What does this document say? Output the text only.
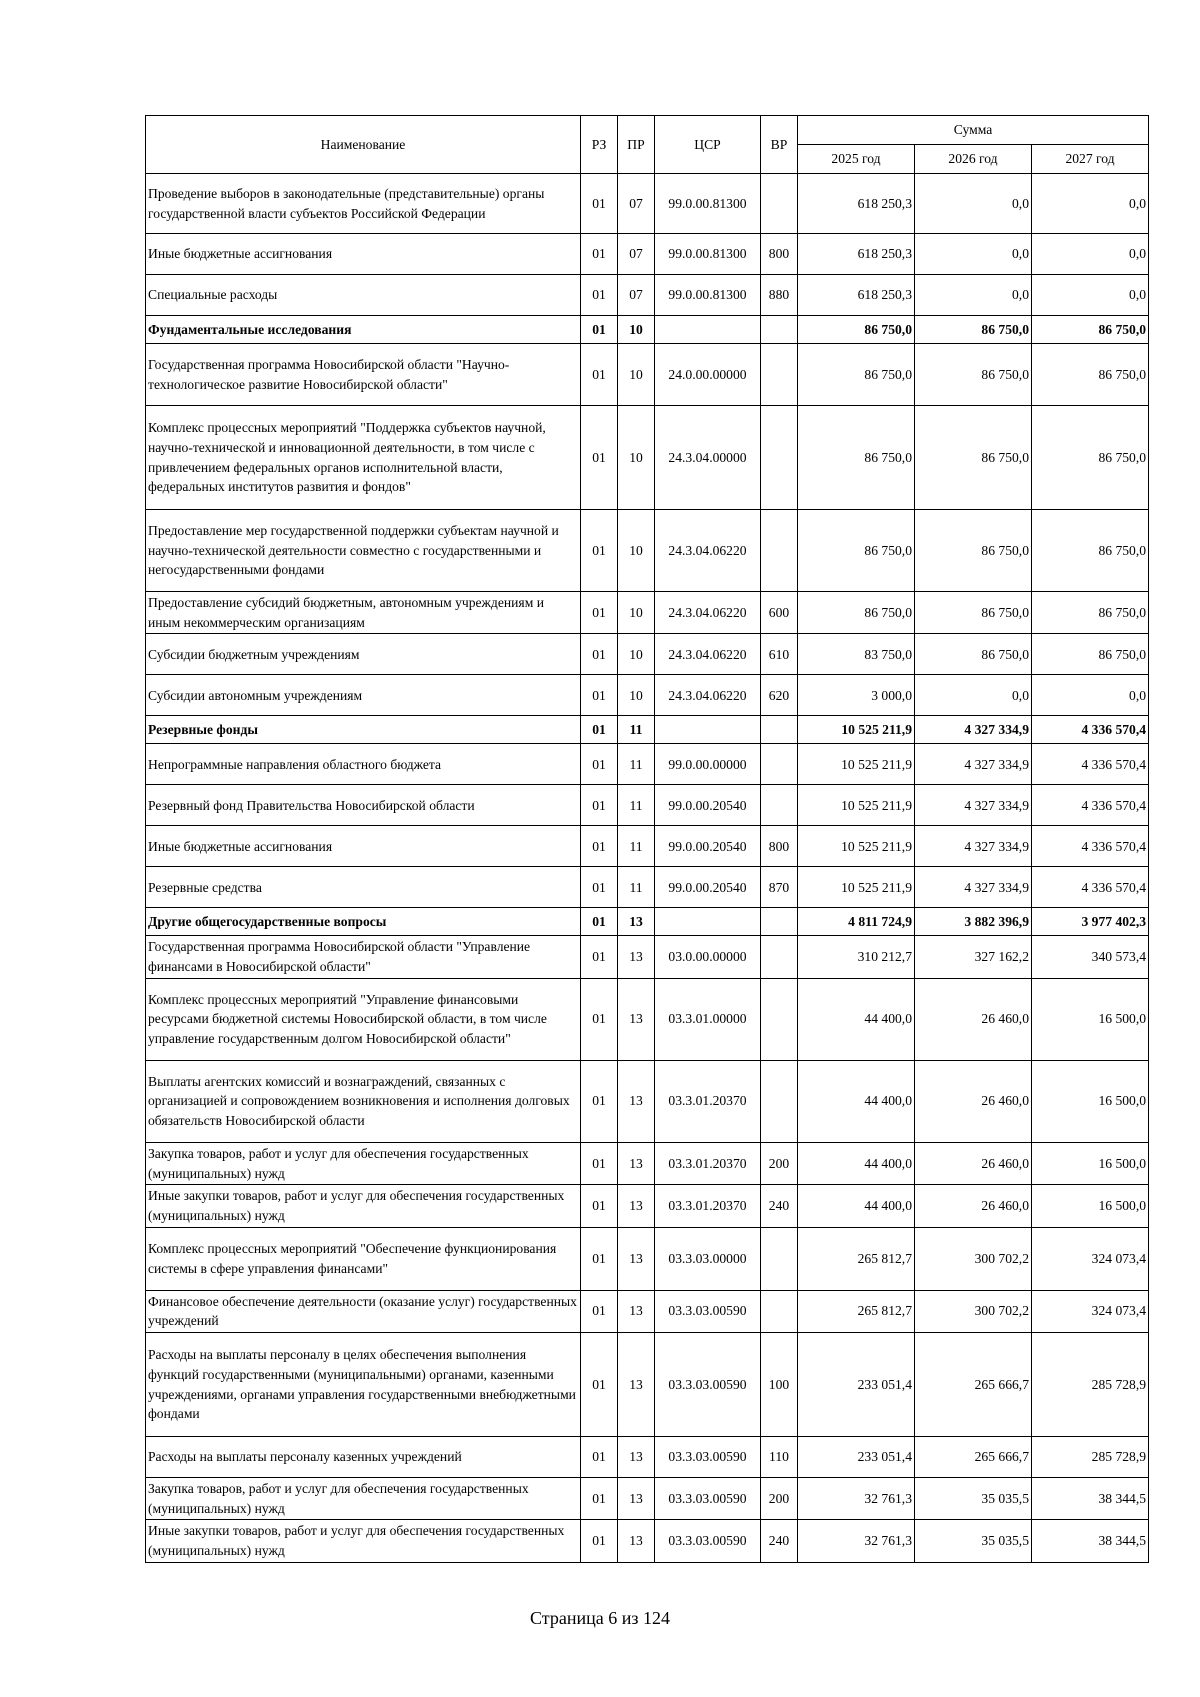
Наименование	РЗ	ПР	ЦСР	ВР	Сумма		
					2025 год	2026 год	2027 год
Проведение выборов в законодательные (представительные) органы государственной власти субъектов Российской Федерации	01	07	99.0.00.81300		618 250,3	0,0	0,0
Иные бюджетные ассигнования	01	07	99.0.00.81300	800	618 250,3	0,0	0,0
Специальные расходы	01	07	99.0.00.81300	880	618 250,3	0,0	0,0
Фундаментальные исследования	01	10			86 750,0	86 750,0	86 750,0
Государственная программа Новосибирской области "Научно-технологическое развитие Новосибирской области"	01	10	24.0.00.00000		86 750,0	86 750,0	86 750,0
Комплекс процессных мероприятий "Поддержка субъектов научной, научно-технической и инновационной деятельности, в том числе с привлечением федеральных органов исполнительной власти, федеральных институтов развития и фондов"	01	10	24.3.04.00000		86 750,0	86 750,0	86 750,0
Предоставление мер государственной поддержки субъектам научной и научно-технической деятельности совместно с государственными и негосударственными фондами	01	10	24.3.04.06220		86 750,0	86 750,0	86 750,0
Предоставление субсидий бюджетным, автономным учреждениям и иным некоммерческим организациям	01	10	24.3.04.06220	600	86 750,0	86 750,0	86 750,0
Субсидии бюджетным учреждениям	01	10	24.3.04.06220	610	83 750,0	86 750,0	86 750,0
Субсидии автономным учреждениям	01	10	24.3.04.06220	620	3 000,0	0,0	0,0
Резервные фонды	01	11			10 525 211,9	4 327 334,9	4 336 570,4
Непрограммные направления областного бюджета	01	11	99.0.00.00000		10 525 211,9	4 327 334,9	4 336 570,4
Резервный фонд Правительства Новосибирской области	01	11	99.0.00.20540		10 525 211,9	4 327 334,9	4 336 570,4
Иные бюджетные ассигнования	01	11	99.0.00.20540	800	10 525 211,9	4 327 334,9	4 336 570,4
Резервные средства	01	11	99.0.00.20540	870	10 525 211,9	4 327 334,9	4 336 570,4
Другие общегосударственные вопросы	01	13			4 811 724,9	3 882 396,9	3 977 402,3
Государственная программа Новосибирской области "Управление финансами в Новосибирской области"	01	13	03.0.00.00000		310 212,7	327 162,2	340 573,4
Комплекс процессных мероприятий "Управление финансовыми ресурсами бюджетной системы Новосибирской области, в том числе управление государственным долгом Новосибирской области"	01	13	03.3.01.00000		44 400,0	26 460,0	16 500,0
Выплаты агентских комиссий и вознаграждений, связанных с организацией и сопровождением возникновения и исполнения долговых обязательств Новосибирской области	01	13	03.3.01.20370		44 400,0	26 460,0	16 500,0
Закупка товаров, работ и услуг для обеспечения государственных (муниципальных) нужд	01	13	03.3.01.20370	200	44 400,0	26 460,0	16 500,0
Иные закупки товаров, работ и услуг для обеспечения государственных (муниципальных) нужд	01	13	03.3.01.20370	240	44 400,0	26 460,0	16 500,0
Комплекс процессных мероприятий "Обеспечение функционирования системы в сфере управления финансами"	01	13	03.3.03.00000		265 812,7	300 702,2	324 073,4
Финансовое обеспечение деятельности (оказание услуг) государственных учреждений	01	13	03.3.03.00590		265 812,7	300 702,2	324 073,4
Расходы на выплаты персоналу в целях обеспечения выполнения функций государственными (муниципальными) органами, казенными учреждениями, органами управления государственными внебюджетными фондами	01	13	03.3.03.00590	100	233 051,4	265 666,7	285 728,9
Расходы на выплаты персоналу казенных учреждений	01	13	03.3.03.00590	110	233 051,4	265 666,7	285 728,9
Закупка товаров, работ и услуг для обеспечения государственных (муниципальных) нужд	01	13	03.3.03.00590	200	32 761,3	35 035,5	38 344,5
Иные закупки товаров, работ и услуг для обеспечения государственных (муниципальных) нужд	01	13	03.3.03.00590	240	32 761,3	35 035,5	38 344,5
Страница 6 из 124
